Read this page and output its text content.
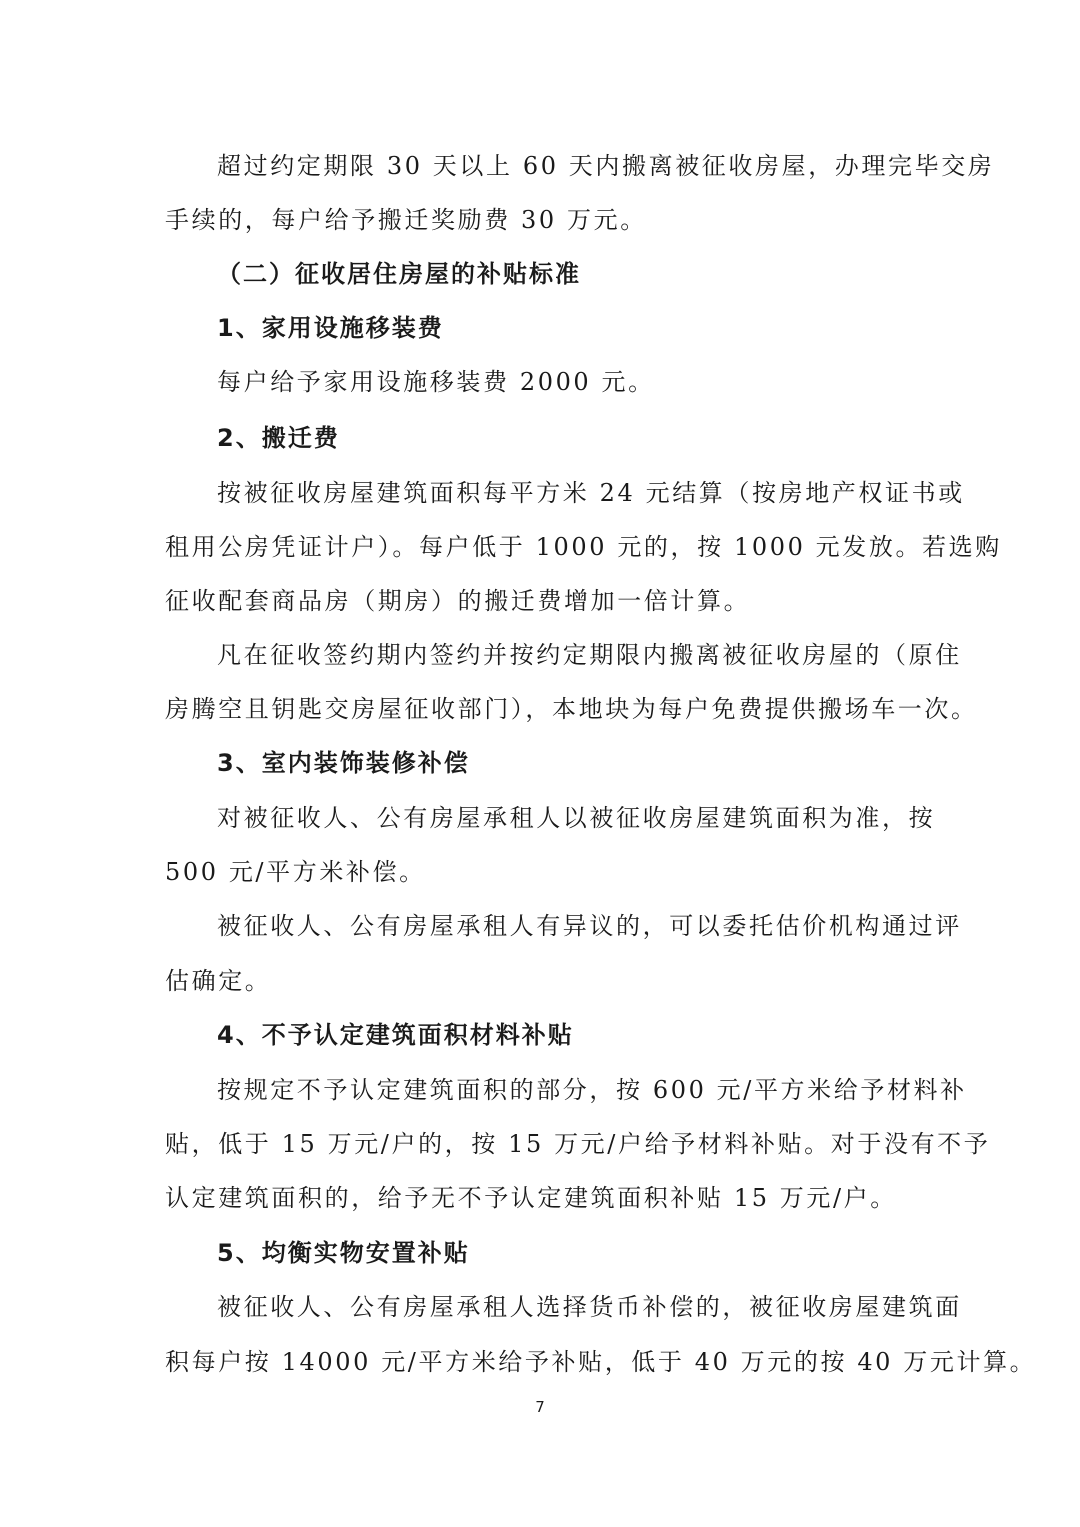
超过约定期限 30 天以上 60 天内搬离被征收房屋，办理完毕交房
手续的，每户给予搬迁奖励费 30 万元。
（二）征收居住房屋的补贴标准
1、家用设施移装费
每户给予家用设施移装费 2000 元。
2、搬迁费
按被征收房屋建筑面积每平方米 24 元结算（按房地产权证书或
租用公房凭证计户）。每户低于 1000 元的，按 1000 元发放。若选购
征收配套商品房（期房）的搬迁费增加一倍计算。
凡在征收签约期内签约并按约定期限内搬离被征收房屋的（原住
房腾空且钥匙交房屋征收部门），本地块为每户免费提供搬场车一次。
3、室内装饰装修补偿
对被征收人、公有房屋承租人以被征收房屋建筑面积为准，按
500 元/平方米补偿。
被征收人、公有房屋承租人有异议的，可以委托估价机构通过评
估确定。
4、不予认定建筑面积材料补贴
按规定不予认定建筑面积的部分，按 600 元/平方米给予材料补
贴，低于 15 万元/户的，按 15 万元/户给予材料补贴。对于没有不予
认定建筑面积的，给予无不予认定建筑面积补贴 15 万元/户。
5、均衡实物安置补贴
被征收人、公有房屋承租人选择货币补偿的，被征收房屋建筑面
积每户按 14000 元/平方米给予补贴，低于 40 万元的按 40 万元计算。
7
